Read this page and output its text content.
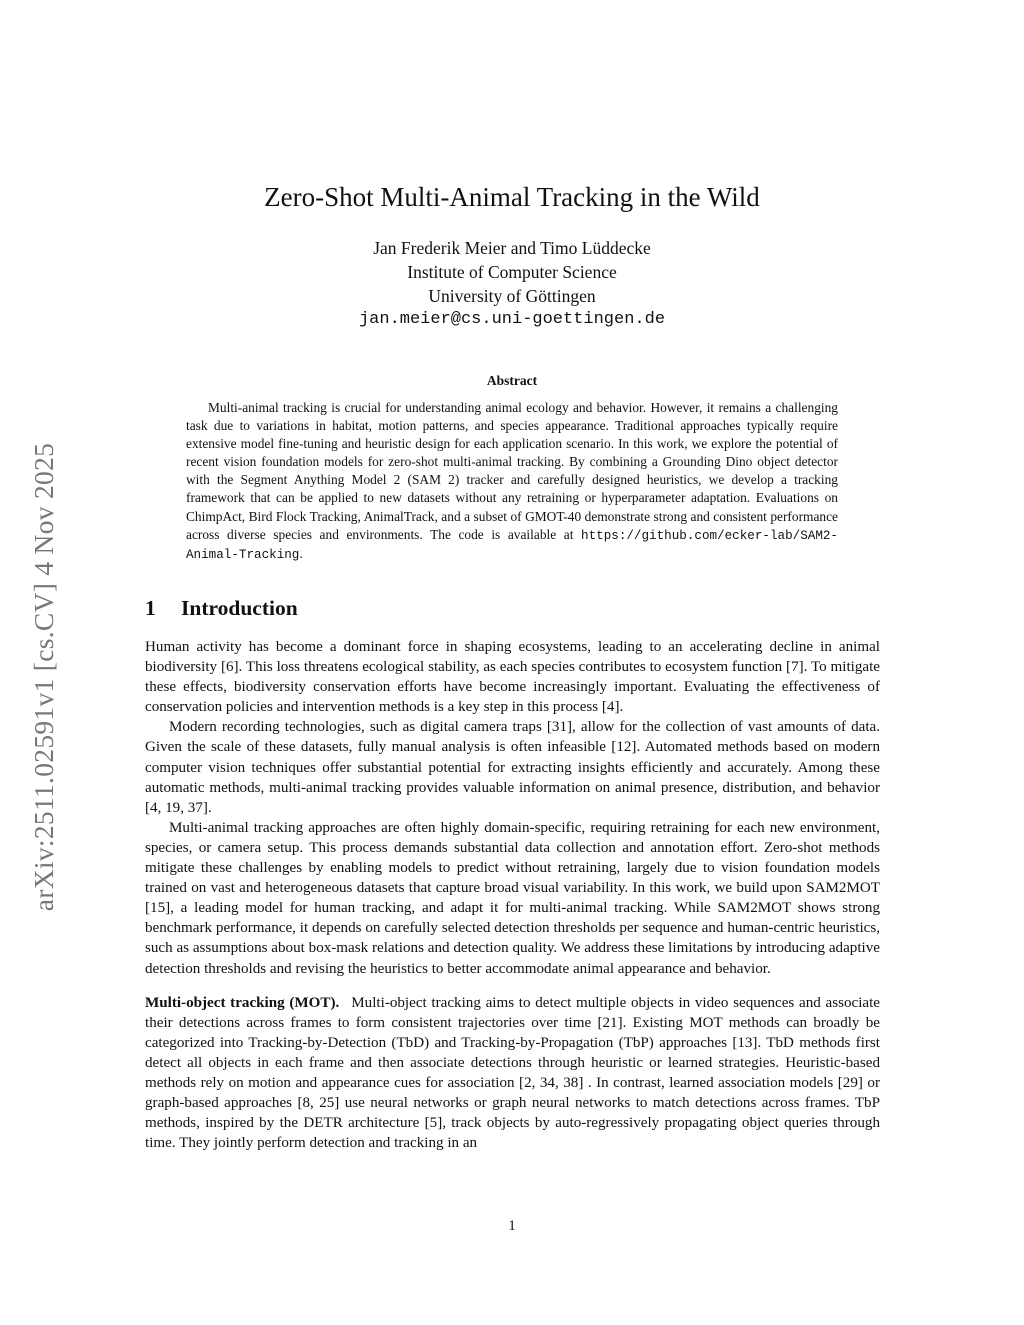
arXiv:2511.02591v1 [cs.CV] 4 Nov 2025
Zero-Shot Multi-Animal Tracking in the Wild
Jan Frederik Meier and Timo Lüddecke
Institute of Computer Science
University of Göttingen
jan.meier@cs.uni-goettingen.de
Abstract

Multi-animal tracking is crucial for understanding animal ecology and behavior. However, it remains a challenging task due to variations in habitat, motion patterns, and species appearance. Traditional approaches typically require extensive model fine-tuning and heuristic design for each application scenario. In this work, we explore the potential of recent vision foundation models for zero-shot multi-animal tracking. By combining a Grounding Dino object detector with the Segment Anything Model 2 (SAM 2) tracker and carefully designed heuristics, we develop a tracking framework that can be applied to new datasets without any retraining or hyperparameter adaptation. Evaluations on ChimpAct, Bird Flock Tracking, AnimalTrack, and a subset of GMOT-40 demonstrate strong and consistent performance across diverse species and environments. The code is available at https://github.com/ecker-lab/SAM2-Animal-Tracking.

1 Introduction

Human activity has become a dominant force in shaping ecosystems, leading to an accelerating decline in animal biodiversity [6]. This loss threatens ecological stability, as each species contributes to ecosystem function [7]. To mitigate these effects, biodiversity conservation efforts have become increasingly important. Evaluating the effectiveness of conservation policies and intervention methods is a key step in this process [4].

Modern recording technologies, such as digital camera traps [31], allow for the collection of vast amounts of data. Given the scale of these datasets, fully manual analysis is often infeasible [12]. Automated methods based on modern computer vision techniques offer substantial potential for extracting insights efficiently and accurately. Among these automatic methods, multi-animal tracking provides valuable information on animal presence, distribution, and behavior [4, 19, 37].

Multi-animal tracking approaches are often highly domain-specific, requiring retraining for each new environment, species, or camera setup. This process demands substantial data collection and annotation effort. Zero-shot methods mitigate these challenges by enabling models to predict without retraining, largely due to vision foundation models trained on vast and heterogeneous datasets that capture broad visual variability. In this work, we build upon SAM2MOT [15], a leading model for human tracking, and adapt it for multi-animal tracking. While SAM2MOT shows strong benchmark performance, it depends on carefully selected detection thresholds per sequence and human-centric heuristics, such as assumptions about box-mask relations and detection quality. We address these limitations by introducing adaptive detection thresholds and revising the heuristics to better accommodate animal appearance and behavior.

Multi-object tracking (MOT). Multi-object tracking aims to detect multiple objects in video sequences and associate their detections across frames to form consistent trajectories over time [21]. Existing MOT methods can broadly be categorized into Tracking-by-Detection (TbD) and Tracking-by-Propagation (TbP) approaches [13]. TbD methods first detect all objects in each frame and then associate detections through heuristic or learned strategies. Heuristic-based methods rely on motion and appearance cues for association [2, 34, 38] . In contrast, learned association models [29] or graph-based approaches [8, 25] use neural networks or graph neural networks to match detections across frames. TbP methods, inspired by the DETR architecture [5], track objects by auto-regressively propagating object queries through time. They jointly perform detection and tracking in an

1
